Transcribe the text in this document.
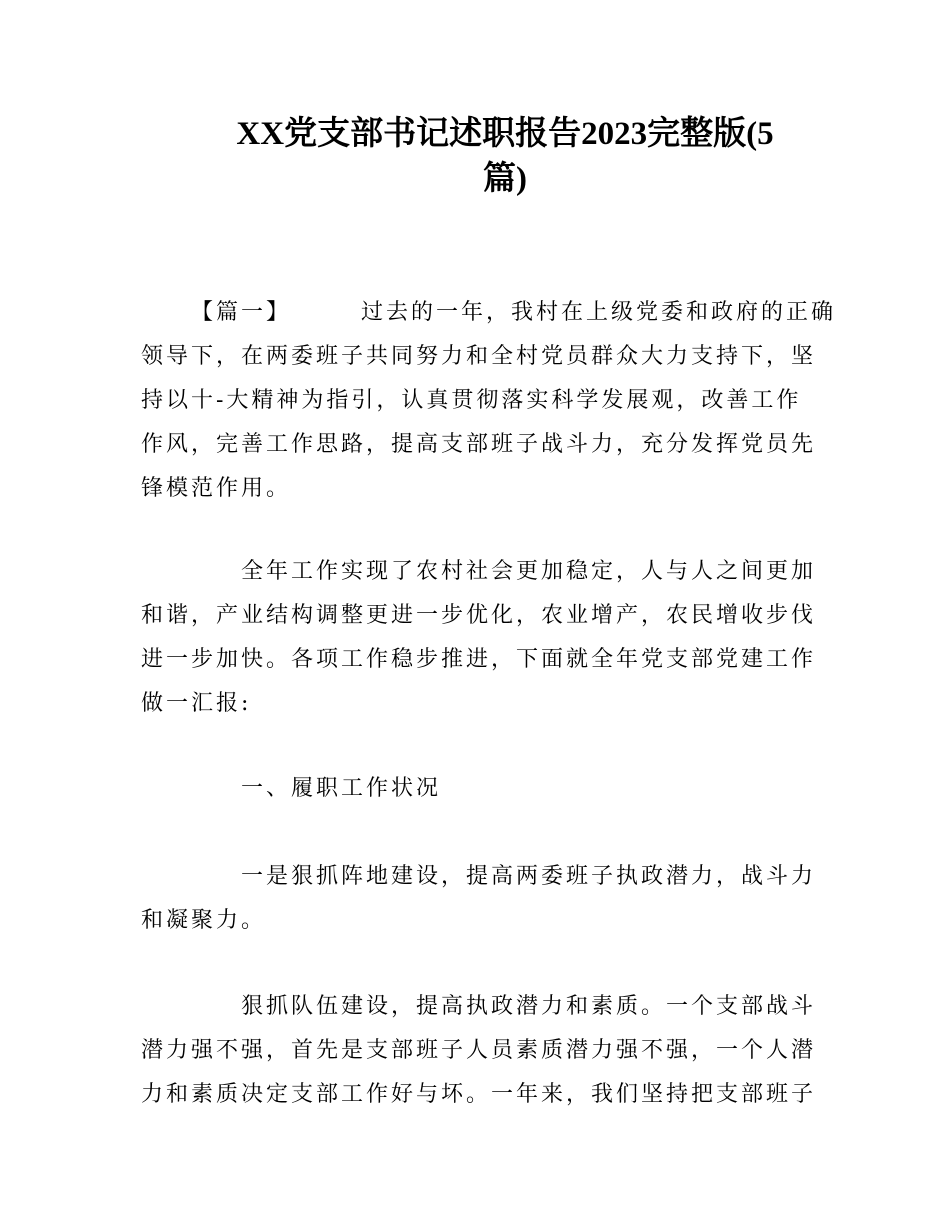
XX党支部书记述职报告2023完整版(5
篇)
【篇一】	过去的一年，我村在上级党委和政府的正确
领导下，在两委班子共同努力和全村党员群众大力支持下，坚
持以十-大精神为指引，认真贯彻落实科学发展观，改善工作
作风，完善工作思路，提高支部班子战斗力，充分发挥党员先
锋模范作用。
全年工作实现了农村社会更加稳定，人与人之间更加
和谐，产业结构调整更进一步优化，农业增产，农民增收步伐
进一步加快。各项工作稳步推进，下面就全年党支部党建工作
做一汇报:
一、履职工作状况
一是狠抓阵地建设，提高两委班子执政潜力，战斗力
和凝聚力。
狠抓队伍建设，提高执政潜力和素质。一个支部战斗
潜力强不强，首先是支部班子人员素质潜力强不强，一个人潜
力和素质决定支部工作好与坏。一年来，我们坚持把支部班子
